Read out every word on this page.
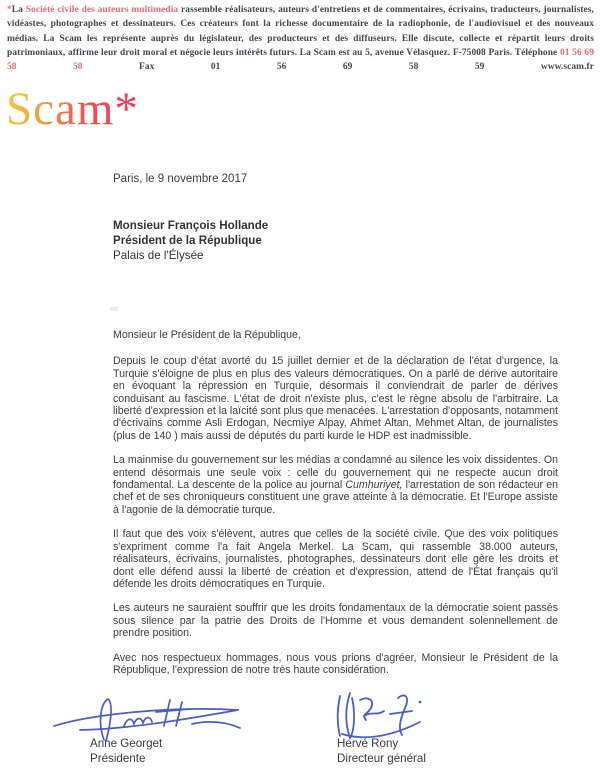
*La Société civile des auteurs multimedia rassemble réalisateurs, auteurs d'entretiens et de commentaires, écrivains, traducteurs, journalistes, vidéastes, photographes et dessinateurs. Ces créateurs font la richesse documentaire de la radiophonie, de l'audiovisuel et des nouveaux médias. La Scam les représente auprès du législateur, des producteurs et des diffuseurs. Elle discute, collecte et répartit leurs droits patrimoniaux, affirme leur droit moral et négocie leurs intérêts futurs. La Scam est au 5, avenue Vélasquez. F-75008 Paris. Téléphone 01 56 69 58 58 Fax 01 56 69 58 59 www.scam.fr

Scam*

Paris, le 9 novembre 2017
Monsieur François Hollande
Président de la République
Palais de l'Élysée

Monsieur le Président de la République,

Depuis le coup d'état avorté du 15 juillet dernier et de la déclaration de l'état d'urgence, la Turquie s'éloigne de plus en plus des valeurs démocratiques. On a parlé de dérive autoritaire en évoquant la répression en Turquie, désormais il conviendrait de parler de dérives conduisant au fascisme. L'état de droit n'existe plus, c'est le règne absolu de l'arbitraire. La liberté d'expression et la laïcité sont plus que menacées. L'arrestation d'opposants, notamment d'écrivains comme Asli Erdogan, Necmiye Alpay, Ahmet Altan, Mehmet Altan, de journalistes (plus de 140 ) mais aussi de députés du parti kurde le HDP est inadmissible.

La mainmise du gouvernement sur les médias a condamné au silence les voix dissidentes. On entend désormais une seule voix : celle du gouvernement qui ne respecte aucun droit fondamental. La descente de la police au journal Cumhuriyet, l'arrestation de son rédacteur en chef et de ses chroniqueurs constituent une grave atteinte à la démocratie. Et l'Europe assiste à l'agonie de la démocratie turque.

Il faut que des voix s'élèvent, autres que celles de la société civile. Que des voix politiques s'expriment comme l'a fait Angela Merkel. La Scam, qui rassemble 38.000 auteurs, réalisateurs, écrivains, journalistes, photographes, dessinateurs dont elle gère les droits et dont elle défend aussi la liberté de création et d'expression, attend de l'État français qu'il défende les droits démocratiques en Turquie.

Les auteurs ne sauraient souffrir que les droits fondamentaux de la démocratie soient passés sous silence par la patrie des Droits de l'Homme et vous demandent solennellement de prendre position.

Avec nos respectueux hommages, nous vous prions d'agréer, Monsieur le Président de la République, l'expression de notre très haute considération.

Anne Georget
Présidente
Hervé Rony
Directeur général
